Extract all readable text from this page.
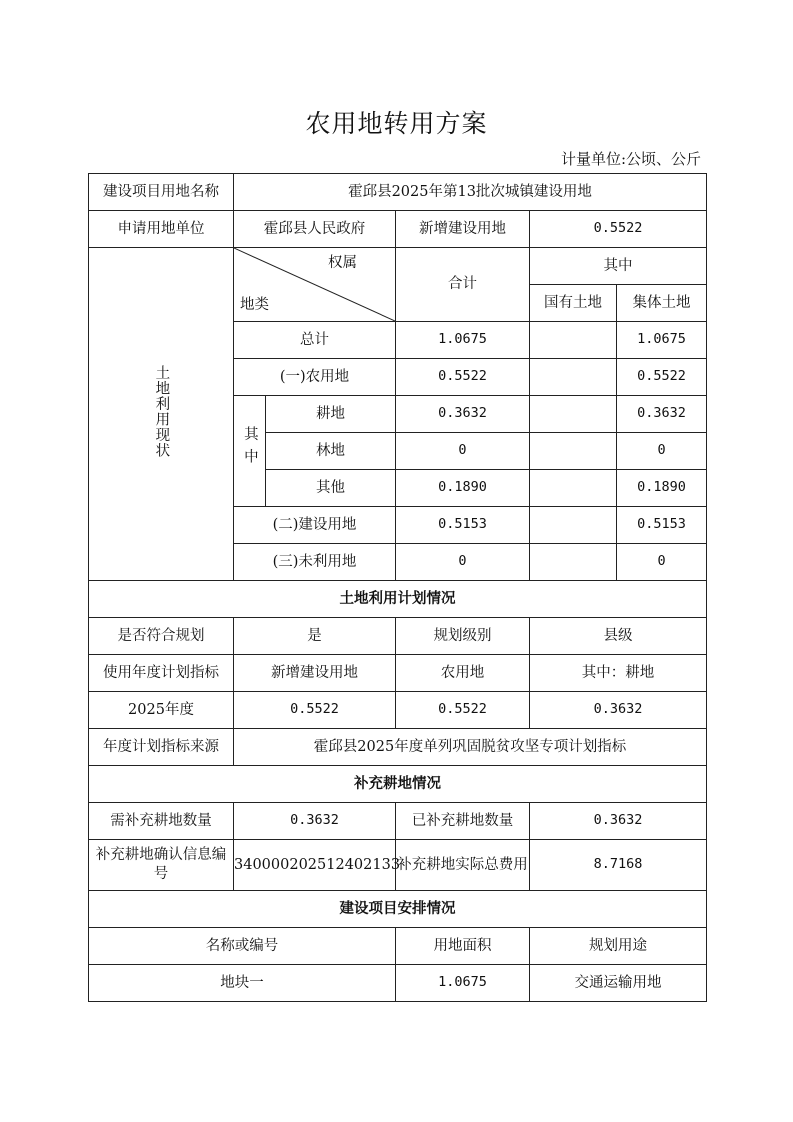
农用地转用方案
计量单位:公顷、公斤
建设项目用地名称	霍邱县2025年第13批次城镇建设用地				
申请用地单位	霍邱县人民政府		新增建设用地	0.5522	
土地利用现状	权属
地类		合计	其中	
				国有土地	集体土地
	总计		1.0675		1.0675
	(一)农用地		0.5522		0.5522
	其中	耕地	0.3632		0.3632
		林地	0		0
		其他	0.1890		0.1890
	(二)建设用地		0.5153		0.5153
	(三)未利用地		0		0
土地利用计划情况					
是否符合规划	是		规划级别	县级	
使用年度计划指标	新增建设用地		农用地	其中：耕地	
2025年度	0.5522		0.5522	0.3632	
年度计划指标来源	霍邱县2025年度单列巩固脱贫攻坚专项计划指标				
补充耕地情况					
需补充耕地数量	0.3632		已补充耕地数量	0.3632	
补充耕地确认信息编号	340000202512402133		补充耕地实际总费用	8.7168	
建设项目安排情况					
名称或编号			用地面积	规划用途	
地块一			1.0675	交通运输用地	
